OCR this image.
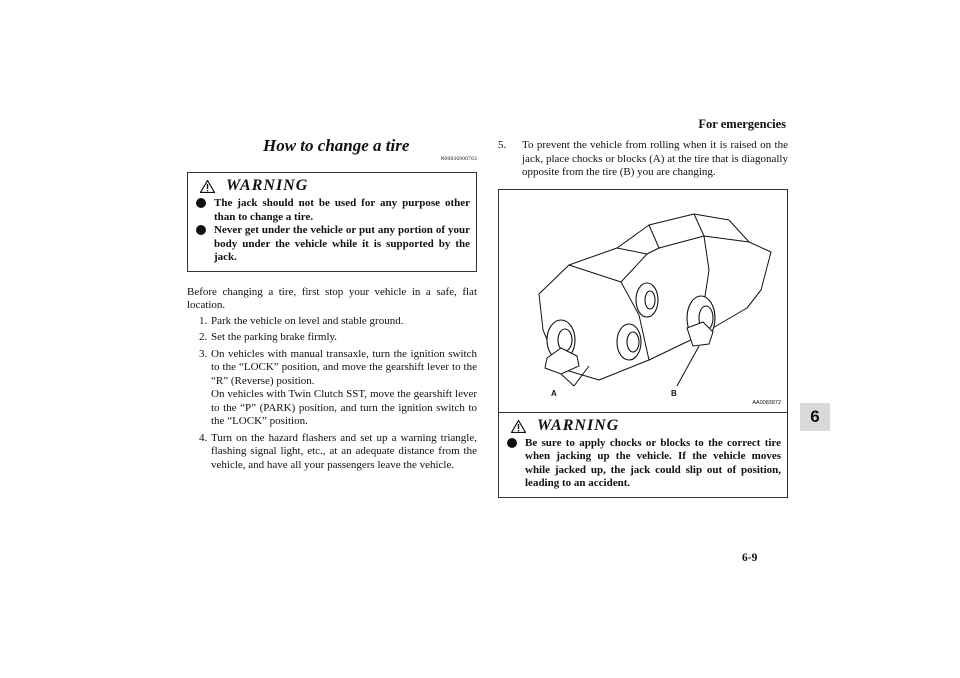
For emergencies
6
6-9
How to change a tire
N00836900763
WARNING
The jack should not be used for any purpose other than to change a tire.
Never get under the vehicle or put any portion of your body under the vehicle while it is supported by the jack.

Before changing a tire, first stop your vehicle in a safe, flat location.

1. Park the vehicle on level and stable ground.
2. Set the parking brake firmly.
3. On vehicles with manual transaxle, turn the ignition switch to the “LOCK” position, and move the gearshift lever to the “R” (Reverse) position.
On vehicles with Twin Clutch SST, move the gearshift lever to the “P” (PARK) position, and turn the ignition switch to the “LOCK” position.
4. Turn on the hazard flashers and set up a warning triangle, flashing signal light, etc., at an adequate distance from the vehicle, and have all your passengers leave the vehicle.
5.	To prevent the vehicle from rolling when it is raised on the jack, place chocks or blocks (A) at the tire that is diagonally opposite from the tire (B) you are changing.
A	B
AA0083872
WARNING
Be sure to apply chocks or blocks to the correct tire when jacking up the vehicle. If the vehicle moves while jacked up, the jack could slip out of position, leading to an accident.
